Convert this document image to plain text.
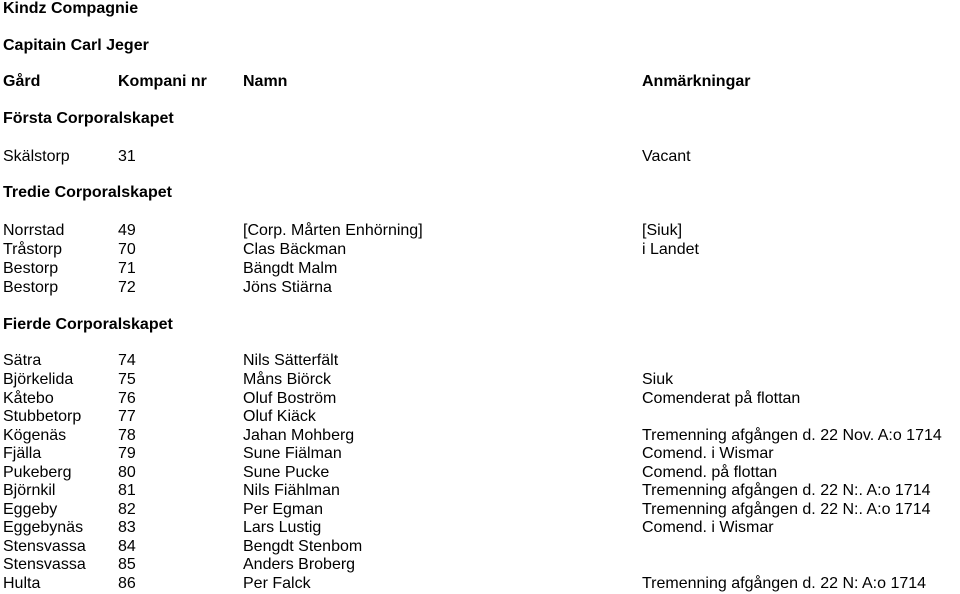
Kindz Compagnie
Capitain Carl Jeger
Gård	Kompani nr Namn	Anmärkningar
Första Corporalskapet
Skälstorp	31	Vacant
Tredie Corporalskapet
Norrstad	49	[Corp. Mårten Enhörning]	[Siuk]
Tråstorp	70	Clas Bäckman	i Landet
Bestorp	71	Bängdt Malm
Bestorp	72	Jöns Stiärna
Fierde Corporalskapet
Sätra	74	Nils Sätterfält
Björkelida	75	Måns Biörck	Siuk
Kåtebo	76	Oluf Boström	Comenderat på flottan
Stubbetorp 77	Oluf Kiäck
Kögenäs	78	Jahan Mohberg	Tremenning afgången d. 22 Nov. A:o 1714
Fjälla	79	Sune Fiälman	Comend. i Wismar
Pukeberg	80	Sune Pucke	Comend. på flottan
Björnkil	81	Nils Fiählman	Tremenning afgången d. 22 N:. A:o 1714
Eggeby	82	Per Egman	Tremenning afgången d. 22 N:. A:o 1714
Eggebynäs 83	Lars Lustig	Comend. i Wismar
Stensvassa 84	Bengdt Stenbom
Stensvassa 85	Anders Broberg
Hulta	86	Per Falck	Tremenning afgången d. 22 N: A:o 1714
